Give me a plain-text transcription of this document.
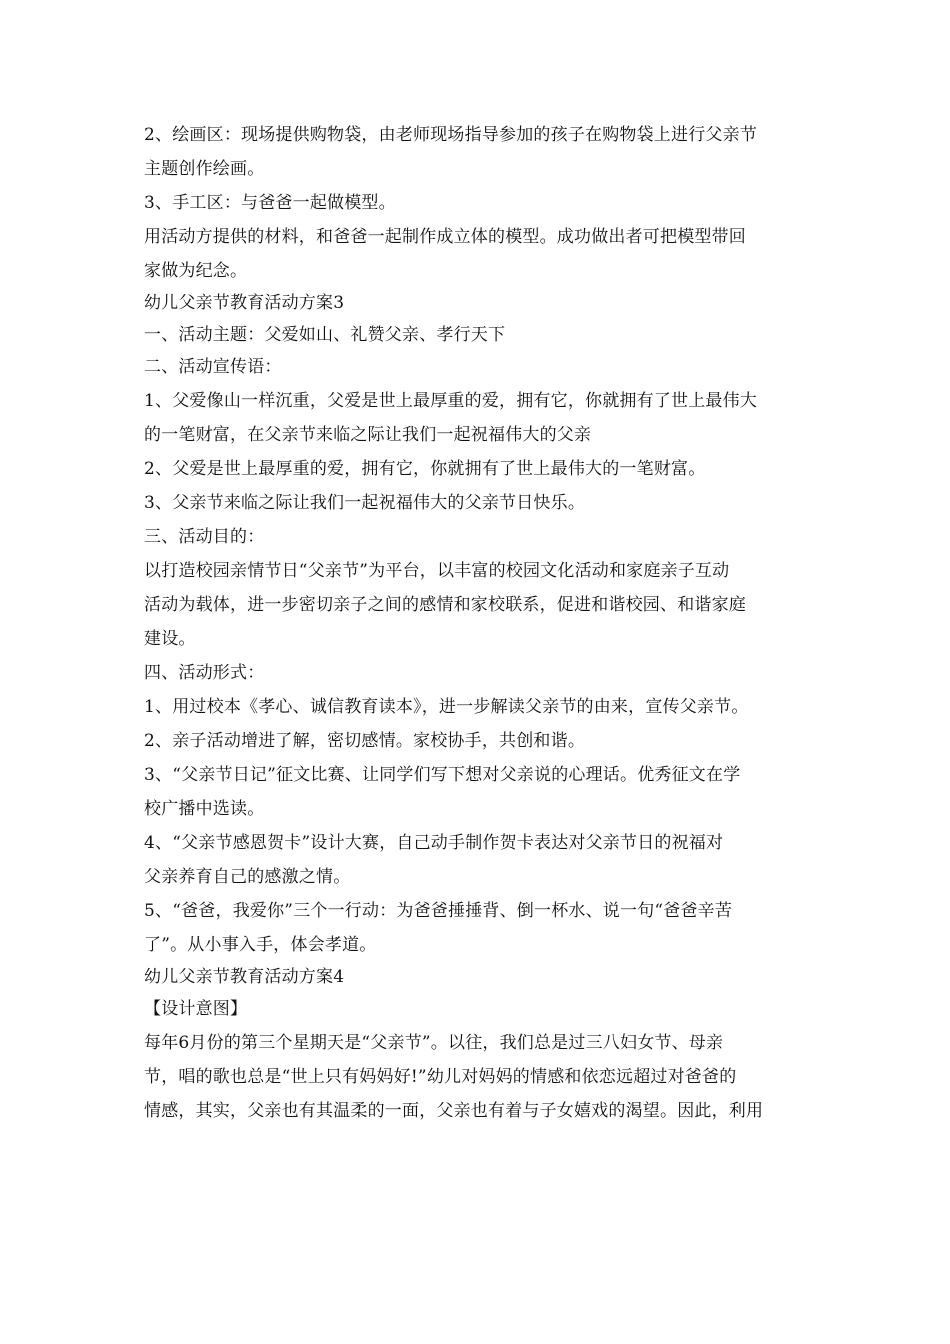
2、绘画区：现场提供购物袋，由老师现场指导参加的孩子在购物袋上进行父亲节
主题创作绘画。
3、手工区：与爸爸一起做模型。
用活动方提供的材料，和爸爸一起制作成立体的模型。成功做出者可把模型带回
家做为纪念。
幼儿父亲节教育活动方案3
一、活动主题：父爱如山、礼赞父亲、孝行天下
二、活动宣传语：
1、父爱像山一样沉重，父爱是世上最厚重的爱，拥有它，你就拥有了世上最伟大
的一笔财富，在父亲节来临之际让我们一起祝福伟大的父亲
2、父爱是世上最厚重的爱，拥有它，你就拥有了世上最伟大的一笔财富。
3、父亲节来临之际让我们一起祝福伟大的父亲节日快乐。
三、活动目的：
以打造校园亲情节日“父亲节”为平台，以丰富的校园文化活动和家庭亲子互动
活动为载体，进一步密切亲子之间的感情和家校联系，促进和谐校园、和谐家庭
建设。
四、活动形式：
1、用过校本《孝心、诚信教育读本》，进一步解读父亲节的由来，宣传父亲节。
2、亲子活动增进了解，密切感情。家校协手，共创和谐。
3、“父亲节日记”征文比赛、让同学们写下想对父亲说的心理话。优秀征文在学
校广播中选读。
4、“父亲节感恩贺卡”设计大赛，自己动手制作贺卡表达对父亲节日的祝福对
父亲养育自己的感激之情。
5、“爸爸，我爱你”三个一行动：为爸爸捶捶背、倒一杯水、说一句“爸爸辛苦
了”。从小事入手，体会孝道。
幼儿父亲节教育活动方案4
【设计意图】
每年6月份的第三个星期天是“父亲节”。以往，我们总是过三八妇女节、母亲
节，唱的歌也总是“世上只有妈妈好!”幼儿对妈妈的情感和依恋远超过对爸爸的
情感，其实，父亲也有其温柔的一面，父亲也有着与子女嬉戏的渴望。因此，利用
